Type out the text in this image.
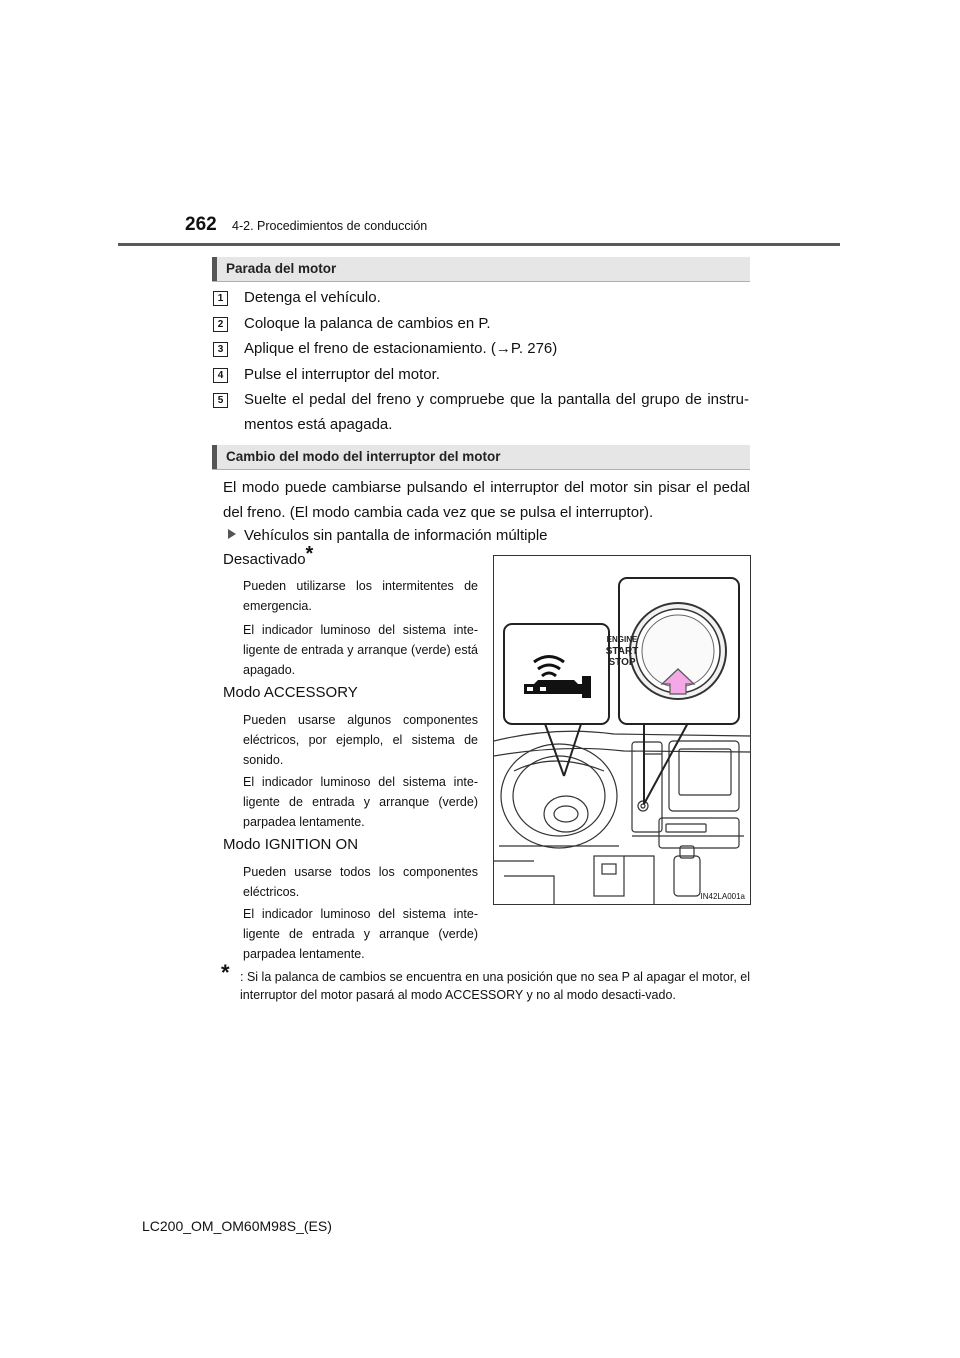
262 4-2. Procedimientos de conducción
Parada del motor
1	Detenga el vehículo.
2	Coloque la palanca de cambios en P.
3	Aplique el freno de estacionamiento. (→P. 276)
4	Pulse el interruptor del motor.
5	Suelte el pedal del freno y compruebe que la pantalla del grupo de instru-mentos está apagada.
Cambio del modo del interruptor del motor
El modo puede cambiarse pulsando el interruptor del motor sin pisar el pedal del freno. (El modo cambia cada vez que se pulsa el interruptor).
Vehículos sin pantalla de información múltiple
Desactivado*
Pueden utilizarse los intermitentes de emergencia.
El indicador luminoso del sistema inte-ligente de entrada y arranque (verde) está apagado.
Modo ACCESSORY
Pueden usarse algunos componentes eléctricos, por ejemplo, el sistema de sonido.
El indicador luminoso del sistema inte-ligente de entrada y arranque (verde) parpadea lentamente.
Modo IGNITION ON
Pueden usarse todos los componentes eléctricos.
El indicador luminoso del sistema inte-ligente de entrada y arranque (verde) parpadea lentamente.
ENGINE
START
STOP
IN42LA001a
* : Si la palanca de cambios se encuentra en una posición que no sea P al apagar el motor, el interruptor del motor pasará al modo ACCESSORY y no al modo desacti-vado.
LC200_OM_OM60M98S_(ES)
